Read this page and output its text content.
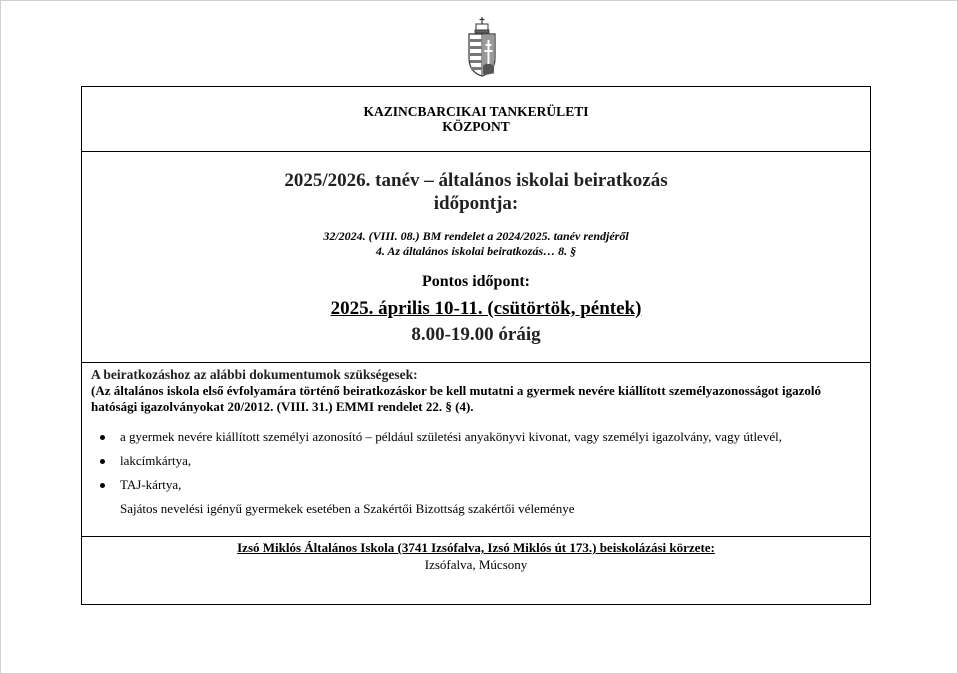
KAZINCBARCIKAI TANKERÜLETI
KÖZPONT
2025/2026. tanév – általános iskolai beiratkozás
időpontja:
32/2024. (VIII. 08.) BM rendelet a 2024/2025. tanév rendjéről
4. Az általános iskolai beiratkozás… 8. §
Pontos időpont:
2025. április 10-11. (csütörtök, péntek)
8.00-19.00 óráig
A beiratkozáshoz az alábbi dokumentumok szükségesek:
(Az általános iskola első évfolyamára történő beiratkozáskor be kell mutatni a gyermek nevére kiállított személyazonosságot igazoló hatósági igazolványokat 20/2012. (VIII. 31.) EMMI rendelet 22. § (4).
a gyermek nevére kiállított személyi azonosító – például születési anyakönyvi kivonat, vagy személyi igazolvány, vagy útlevél,
lakcímkártya,
TAJ-kártya,
Sajátos nevelési igényű gyermekek esetében a Szakértői Bizottság szakértői véleménye
Izsó Miklós Általános Iskola (3741 Izsófalva, Izsó Miklós út 173.) beiskolázási körzete:
Izsófalva, Múcsony
